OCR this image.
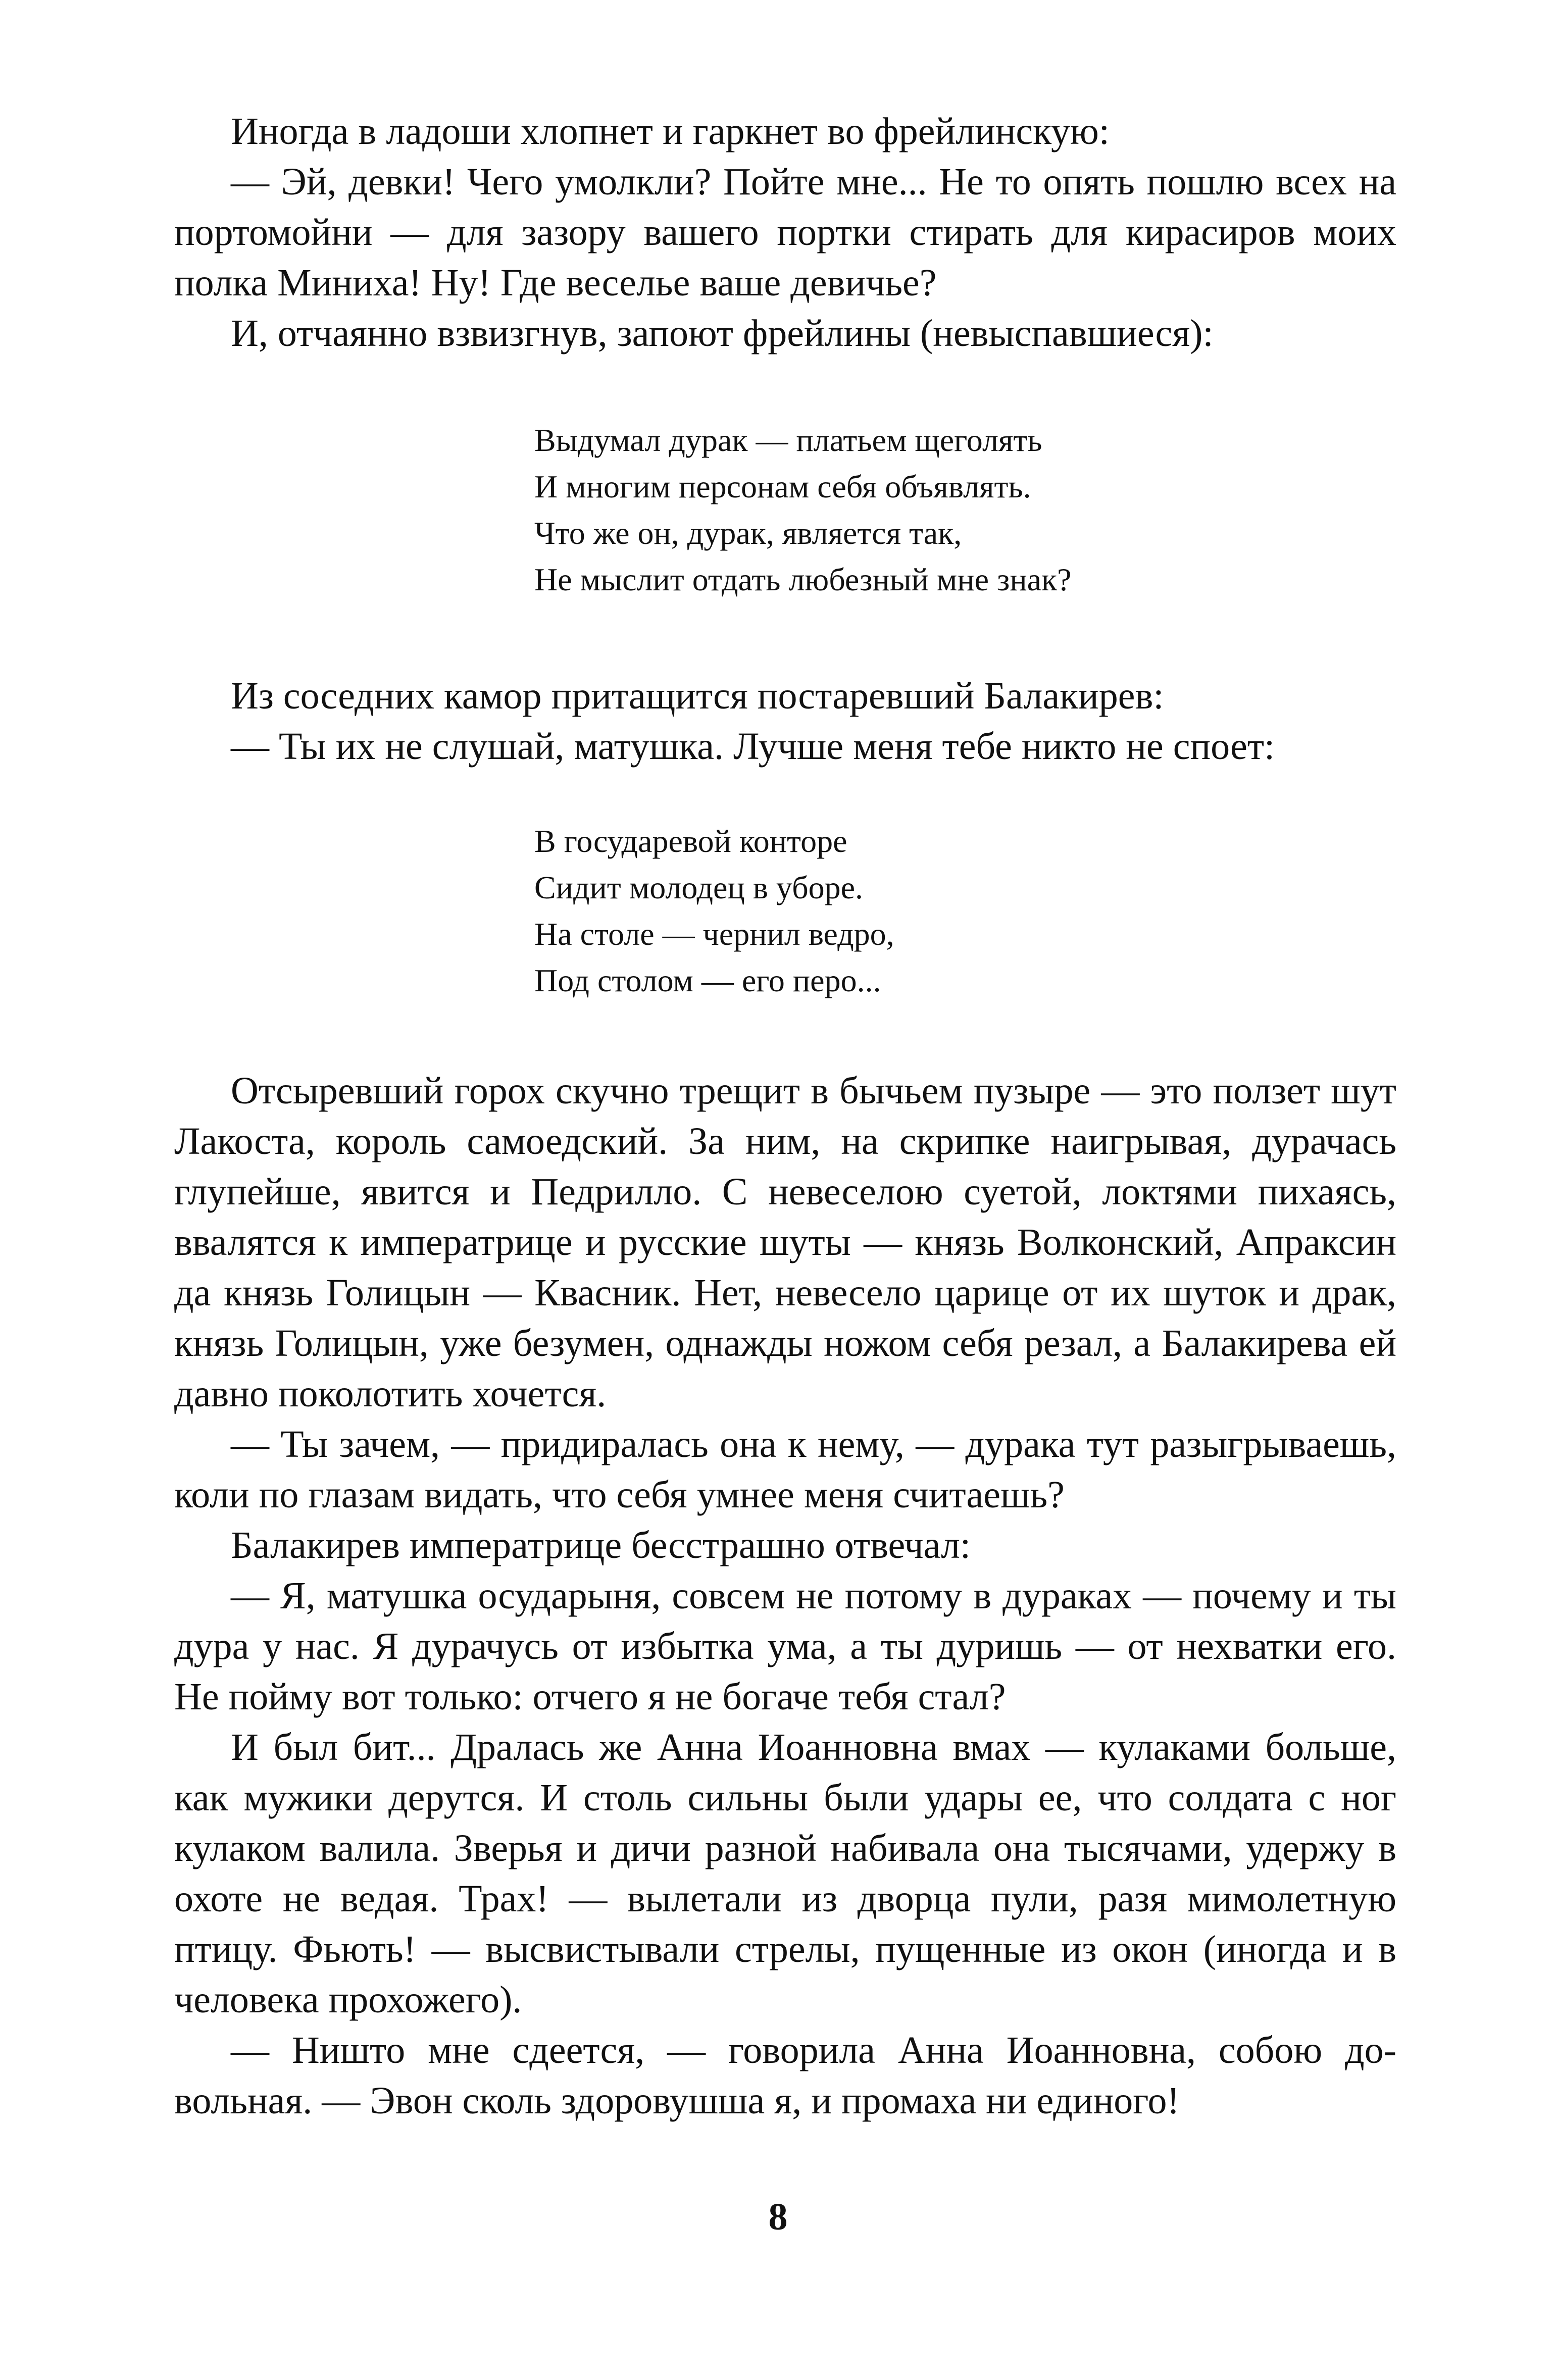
Иногда в ладоши хлопнет и гаркнет во фрейлинскую:

— Эй, девки! Чего умолкли? Пойте мне... Не то опять пошлю всех на портомойни — для зазору вашего портки стирать для кирасиров моих полка Миниха! Ну! Где веселье ваше девичье?

И, отчаянно взвизгнув, запоют фрейлины (невыспавшиеся):

Выдумал дурак — платьем щеголять
И многим персонам себя объявлять.
Что же он, дурак, является так,
Не мыслит отдать любезный мне знак?

Из соседних камор притащится постаревший Балакирев:

— Ты их не слушай, матушка. Лучше меня тебе никто не споет:

В государевой конторе
Сидит молодец в уборе.
На столе — чернил ведро,
Под столом — его перо...

Отсыревший горох скучно трещит в бычьем пузыре — это ползет шут Лакоста, король самоедский. За ним, на скрипке наигрывая, дурачась глупейше, явится и Педрилло. С невеселою суетой, локтями пихаясь, ввалятся к императрице и русские шуты — князь Волконский, Апраксин да князь Голицын — Квасник. Нет, невесело царице от их шуток и драк, князь Голицын, уже безумен, однажды ножом себя резал, а Балакирева ей давно поколотить хочется.

— Ты зачем, — придиралась она к нему, — дурака тут разыгрываешь, коли по глазам видать, что себя умнее меня считаешь?

Балакирев императрице бесстрашно отвечал:

— Я, матушка осударыня, совсем не потому в дураках — почему и ты дура у нас. Я дурачусь от избытка ума, а ты дуришь — от нехватки его. Не пойму вот только: отчего я не богаче тебя стал?

И был бит... Дралась же Анна Иоанновна вмах — кулаками больше, как мужики дерутся. И столь сильны были удары ее, что солдата с ног кулаком валила. Зверья и дичи разной набивала она тысячами, удержу в охоте не ведая. Трах! — вылетали из дворца пули, разя мимолетную птицу. Фьють! — высвистывали стрелы, пущенные из окон (иногда и в человека прохожего).

— Ништо мне сдеется, — говорила Анна Иоанновна, собою довольная. — Эвон сколь здоровушша я, и промаха ни единого!

8
